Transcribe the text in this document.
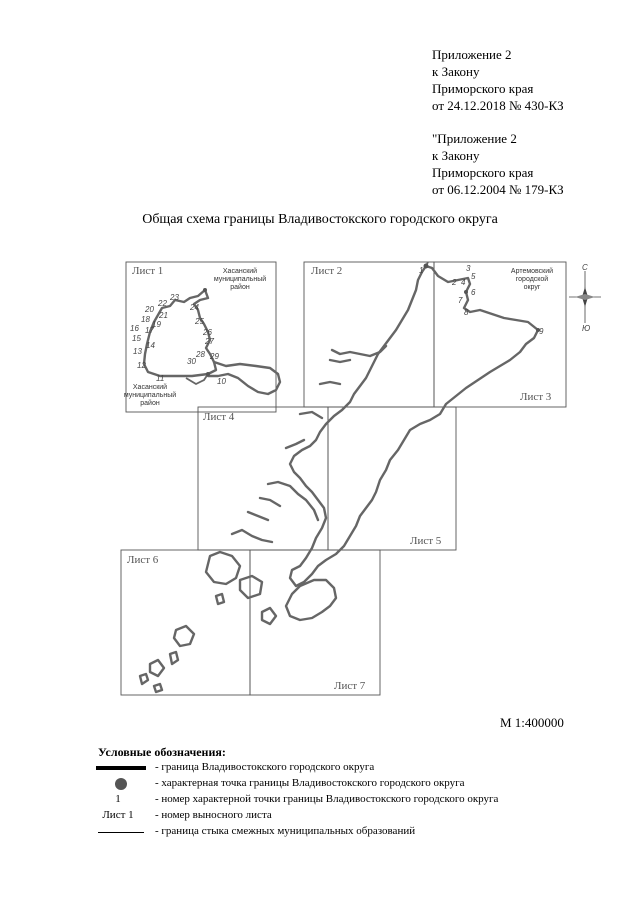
Приложение 2
к Закону
Приморского края
от 24.12.2018 № 430-КЗ
"Приложение 2
к Закону
Приморского края
от 06.12.2004 № 179-КЗ
Общая схема границы Владивостокского городского округа
Лист 1	Лист 2
Лист 3
Лист 4
Лист 5
Лист 6
Лист 7
Хасанский
муниципальный
район
Хасанский
муниципальный
район
Артемовский
городской
округ
1
2
3
4
5
6
7
8
9
10
11
12
13
14
15
16 17
18
19
20
21
22
23
24
25
26
27
28 29
30
С
Ю
М 1:400000
Условные обозначения:
- граница Владивостокского городского округа
- характерная точка границы Владивостокского городского округа
1	- номер характерной точки границы Владивостокского городского округа
Лист 1	- номер выносного листа
- граница стыка смежных муниципальных образований
